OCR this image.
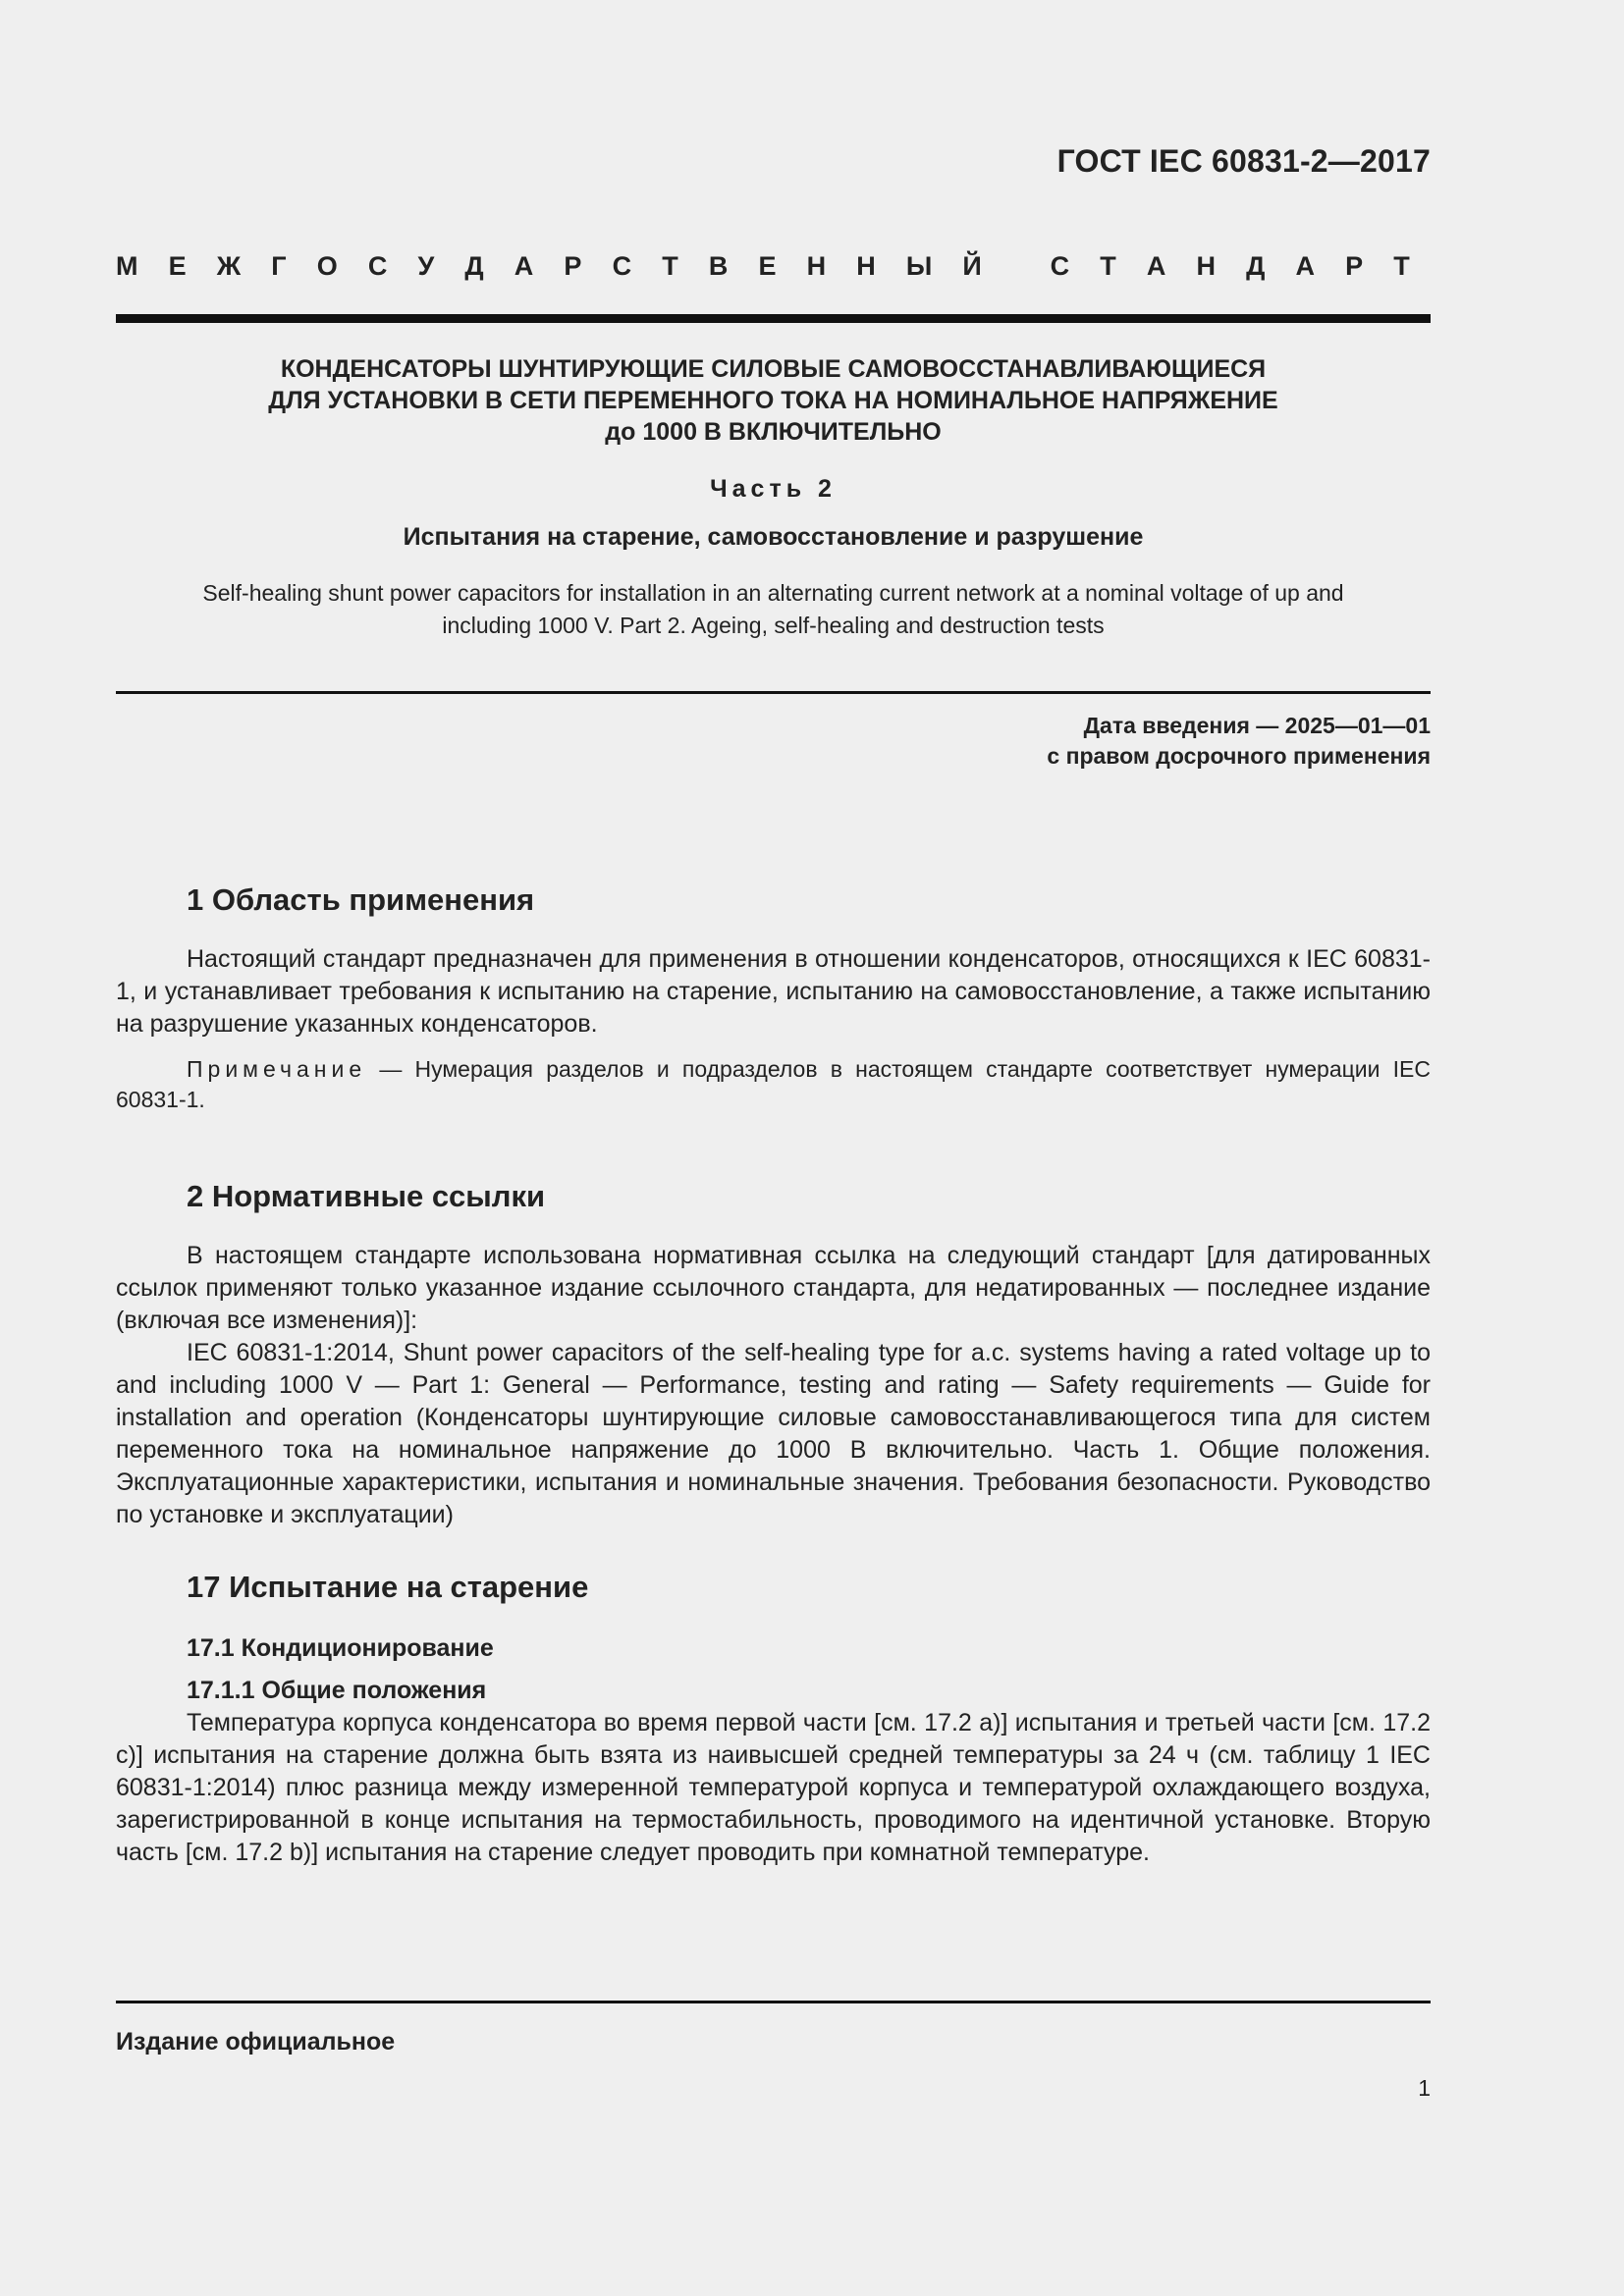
ГОСТ IEC 60831-2—2017
М Е Ж Г О С У Д А Р С Т В Е Н Н Ы Й
С Т А Н Д А Р Т
КОНДЕНСАТОРЫ ШУНТИРУЮЩИЕ СИЛОВЫЕ САМОВОССТАНАВЛИВАЮЩИЕСЯ
ДЛЯ УСТАНОВКИ В СЕТИ ПЕРЕМЕННОГО ТОКА НА НОМИНАЛЬНОЕ НАПРЯЖЕНИЕ
до 1000 В ВКЛЮЧИТЕЛЬНО
Часть 2
Испытания на старение, самовосстановление и разрушение
Self-healing shunt power capacitors for installation in an alternating current network at a nominal voltage of up and
including 1000 V. Part 2. Ageing, self-healing and destruction tests
Дата введения — 2025—01—01
с правом досрочного применения
1 Область применения

Настоящий стандарт предназначен для применения в отношении конденсаторов, относящихся к IEC 60831-1, и устанавливает требования к испытанию на старение, испытанию на самовосстановление, а также испытанию на разрушение указанных конденсаторов.

Примечание — Нумерация разделов и подразделов в настоящем стандарте соответствует нумерации IEC 60831-1.

2 Нормативные ссылки

В настоящем стандарте использована нормативная ссылка на следующий стандарт [для датированных ссылок применяют только указанное издание ссылочного стандарта, для недатированных — последнее издание (включая все изменения)]:

IEC 60831-1:2014, Shunt power capacitors of the self-healing type for a.c. systems having a rated voltage up to and including 1000 V — Part 1: General — Performance, testing and rating — Safety requirements — Guide for installation and operation (Конденсаторы шунтирующие силовые самовосстанавливающегося типа для систем переменного тока на номинальное напряжение до 1000 В включительно. Часть 1. Общие положения. Эксплуатационные характеристики, испытания и номинальные значения. Требования безопасности. Руководство по установке и эксплуатации)

17 Испытание на старение
17.1 Кондиционирование
17.1.1 Общие положения

Температура корпуса конденсатора во время первой части [см. 17.2 а)] испытания и третьей части [см. 17.2 с)] испытания на старение должна быть взята из наивысшей средней температуры за 24 ч (см. таблицу 1 IEC 60831-1:2014) плюс разница между измеренной температурой корпуса и температурой охлаждающего воздуха, зарегистрированной в конце испытания на термостабильность, проводимого на идентичной установке. Вторую часть [см. 17.2 b)] испытания на старение следует проводить при комнатной температуре.

Издание официальное
1
